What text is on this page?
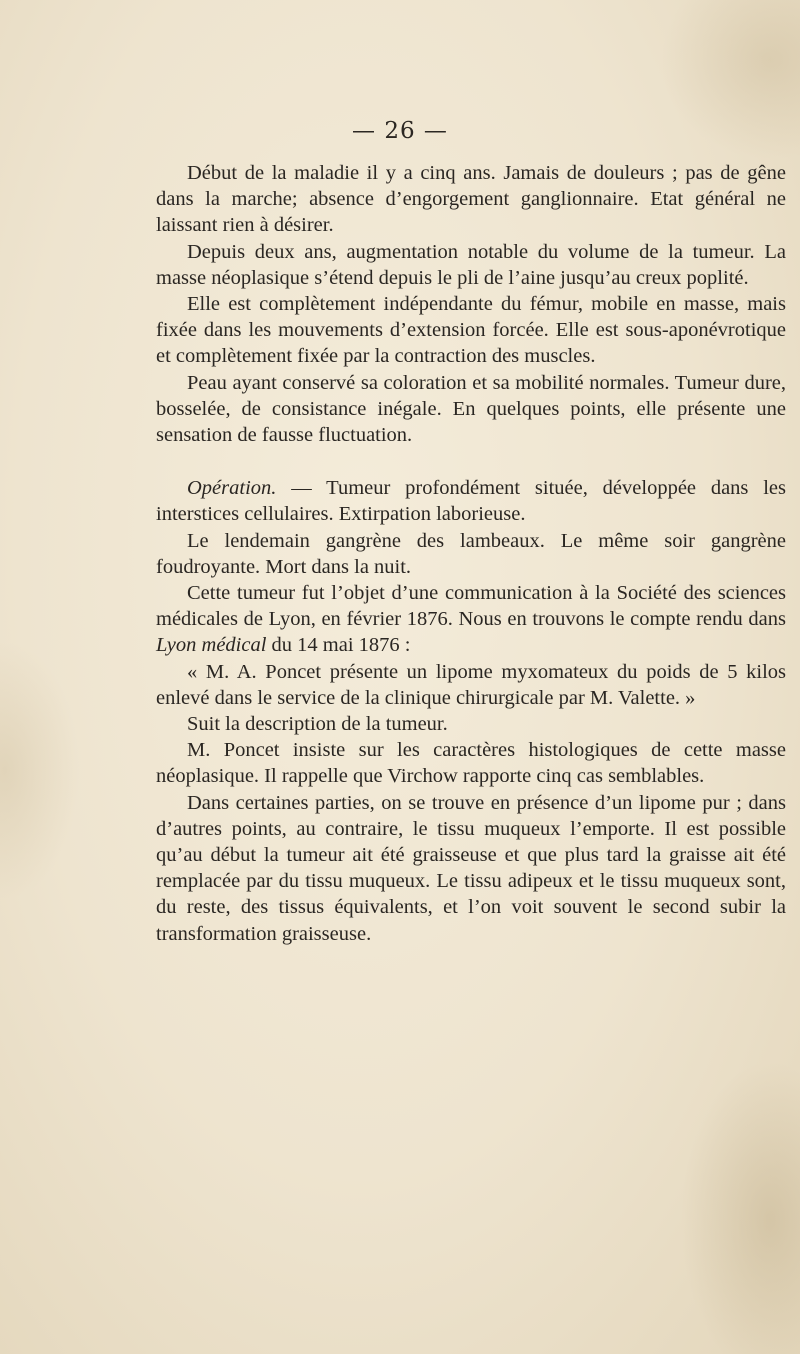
— 26 —

Début de la maladie il y a cinq ans. Jamais de douleurs ; pas de gêne dans la marche; absence d’engorgement ganglionnaire. Etat général ne laissant rien à désirer.

Depuis deux ans, augmentation notable du volume de la tumeur. La masse néoplasique s’étend depuis le pli de l’aine jusqu’au creux poplité.

Elle est complètement indépendante du fémur, mobile en masse, mais fixée dans les mouvements d’extension forcée. Elle est sous-aponévrotique et complètement fixée par la contraction des muscles.

Peau ayant conservé sa coloration et sa mobilité normales. Tumeur dure, bosselée, de consistance inégale. En quelques points, elle présente une sensation de fausse fluctuation.

Opération. — Tumeur profondément située, développée dans les interstices cellulaires. Extirpation laborieuse.

Le lendemain gangrène des lambeaux. Le même soir gangrène foudroyante. Mort dans la nuit.

Cette tumeur fut l’objet d’une communication à la Société des sciences médicales de Lyon, en février 1876. Nous en trouvons le compte rendu dans Lyon médical du 14 mai 1876 :

« M. A. Poncet présente un lipome myxomateux du poids de 5 kilos enlevé dans le service de la clinique chirurgicale par M. Valette. »

Suit la description de la tumeur.

M. Poncet insiste sur les caractères histologiques de cette masse néoplasique. Il rappelle que Virchow rapporte cinq cas semblables.

Dans certaines parties, on se trouve en présence d’un lipome pur ; dans d’autres points, au contraire, le tissu muqueux l’emporte. Il est possible qu’au début la tumeur ait été graisseuse et que plus tard la graisse ait été remplacée par du tissu muqueux. Le tissu adipeux et le tissu muqueux sont, du reste, des tissus équivalents, et l’on voit souvent le second subir la transformation graisseuse.
